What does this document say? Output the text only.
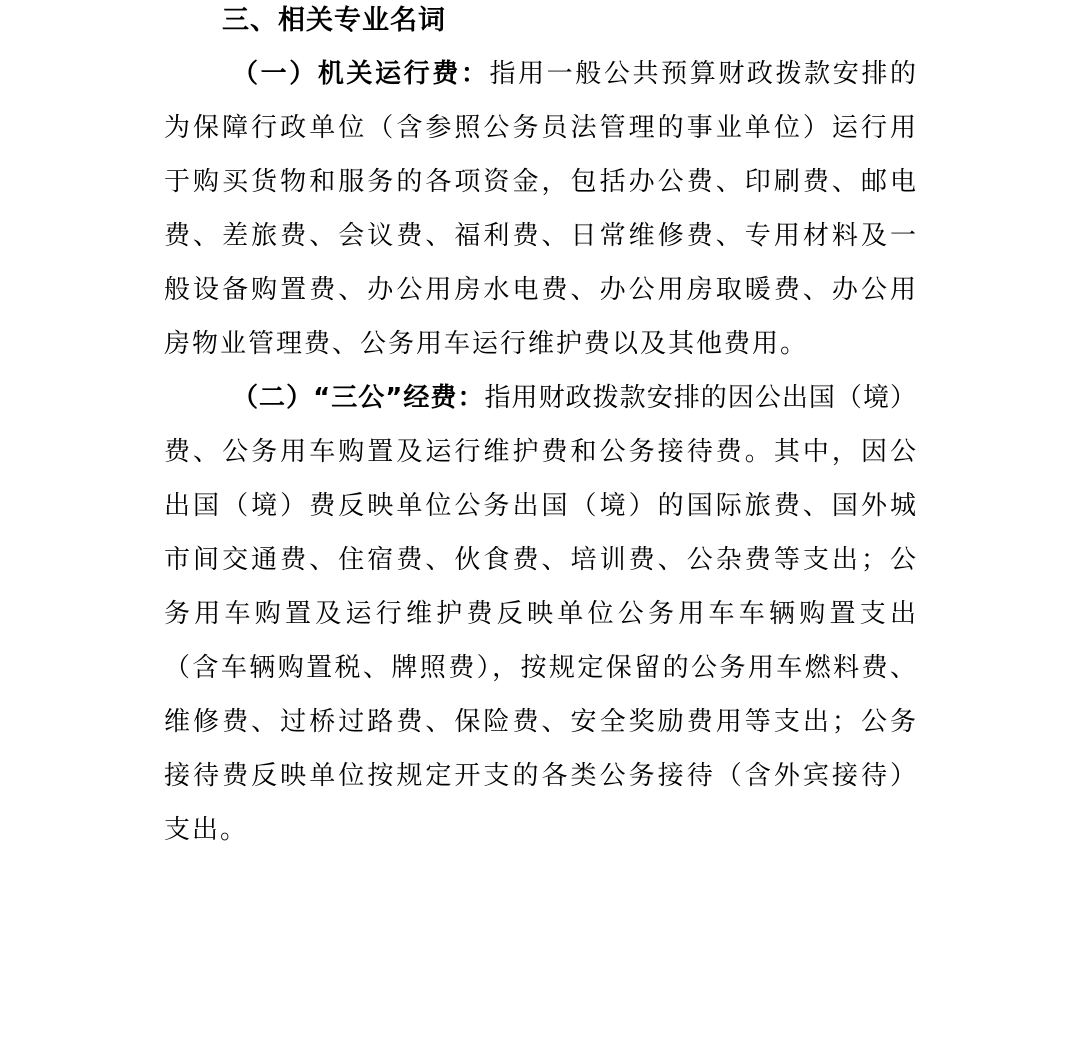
三、相关专业名词
（一）机关运行费：指用一般公共预算财政拨款安排的
为保障行政单位（含参照公务员法管理的事业单位）运行用
于购买货物和服务的各项资金，包括办公费、印刷费、邮电
费、差旅费、会议费、福利费、日常维修费、专用材料及一
般设备购置费、办公用房水电费、办公用房取暖费、办公用
房物业管理费、公务用车运行维护费以及其他费用。
（二）“三公”经费：指用财政拨款安排的因公出国（境）
费、公务用车购置及运行维护费和公务接待费。其中，因公
出国（境）费反映单位公务出国（境）的国际旅费、国外城
市间交通费、住宿费、伙食费、培训费、公杂费等支出；公
务用车购置及运行维护费反映单位公务用车车辆购置支出
（含车辆购置税、牌照费），按规定保留的公务用车燃料费、
维修费、过桥过路费、保险费、安全奖励费用等支出；公务
接待费反映单位按规定开支的各类公务接待（含外宾接待）
支出。
